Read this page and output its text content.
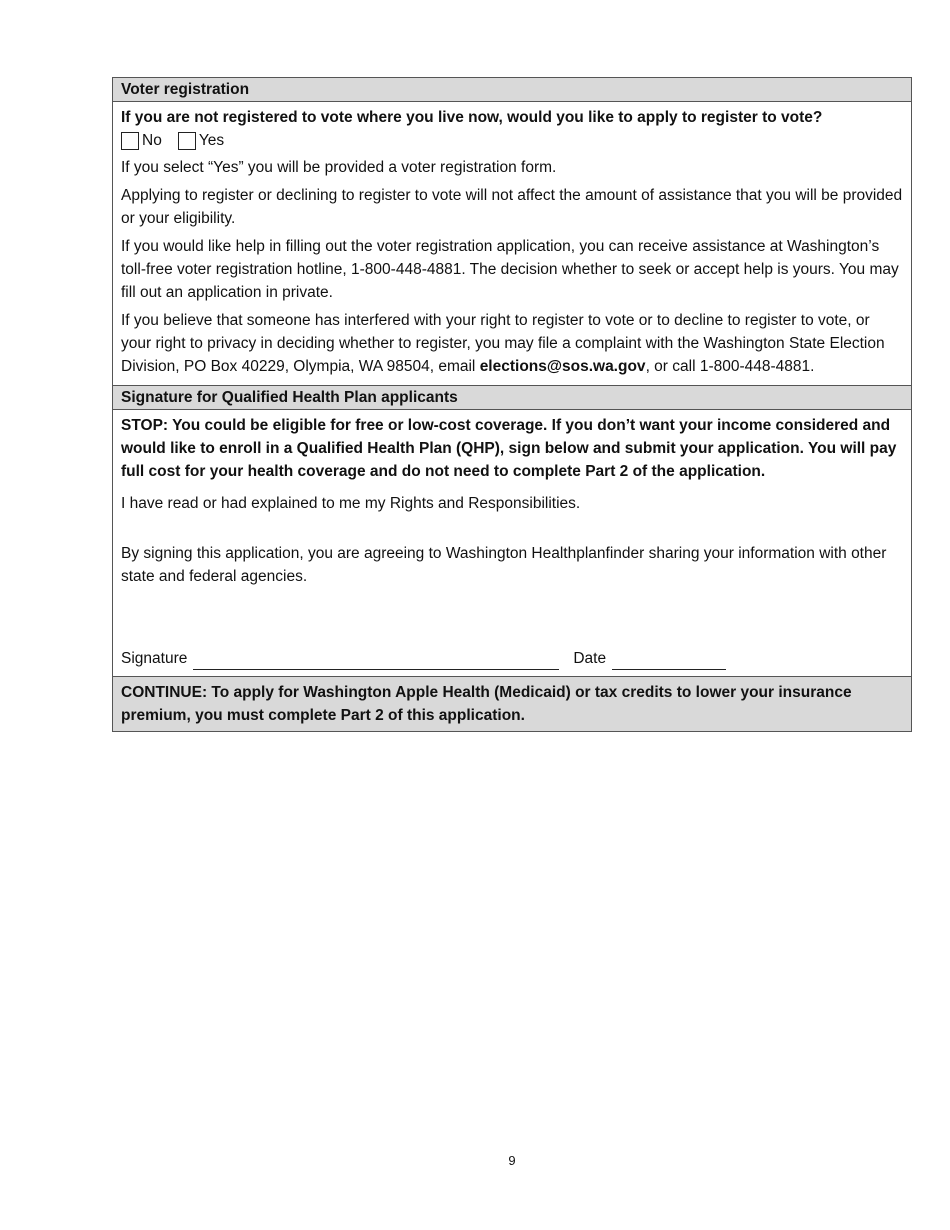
Voter registration
If you are not registered to vote where you live now, would you like to apply to register to vote?
No Yes

If you select “Yes” you will be provided a voter registration form.

Applying to register or declining to register to vote will not affect the amount of assistance that you will be provided or your eligibility.

If you would like help in filling out the voter registration application, you can receive assistance at Washington’s toll-free voter registration hotline, 1-800-448-4881. The decision whether to seek or accept help is yours. You may fill out an application in private.

If you believe that someone has interfered with your right to register to vote or to decline to register to vote, or your right to privacy in deciding whether to register, you may file a complaint with the Washington State Election Division, PO Box 40229, Olympia, WA 98504, email elections@sos.wa.gov, or call 1-800-448-4881.

Signature for Qualified Health Plan applicants

STOP: You could be eligible for free or low-cost coverage. If you don’t want your income considered and would like to enroll in a Qualified Health Plan (QHP), sign below and submit your application. You will pay full cost for your health coverage and do not need to complete Part 2 of the application.

I have read or had explained to me my Rights and Responsibilities.

By signing this application, you are agreeing to Washington Healthplanfinder sharing your information with other state and federal agencies.

Signature	Date
CONTINUE: To apply for Washington Apple Health (Medicaid) or tax credits to lower your insurance premium, you must complete Part 2 of this application.
9
